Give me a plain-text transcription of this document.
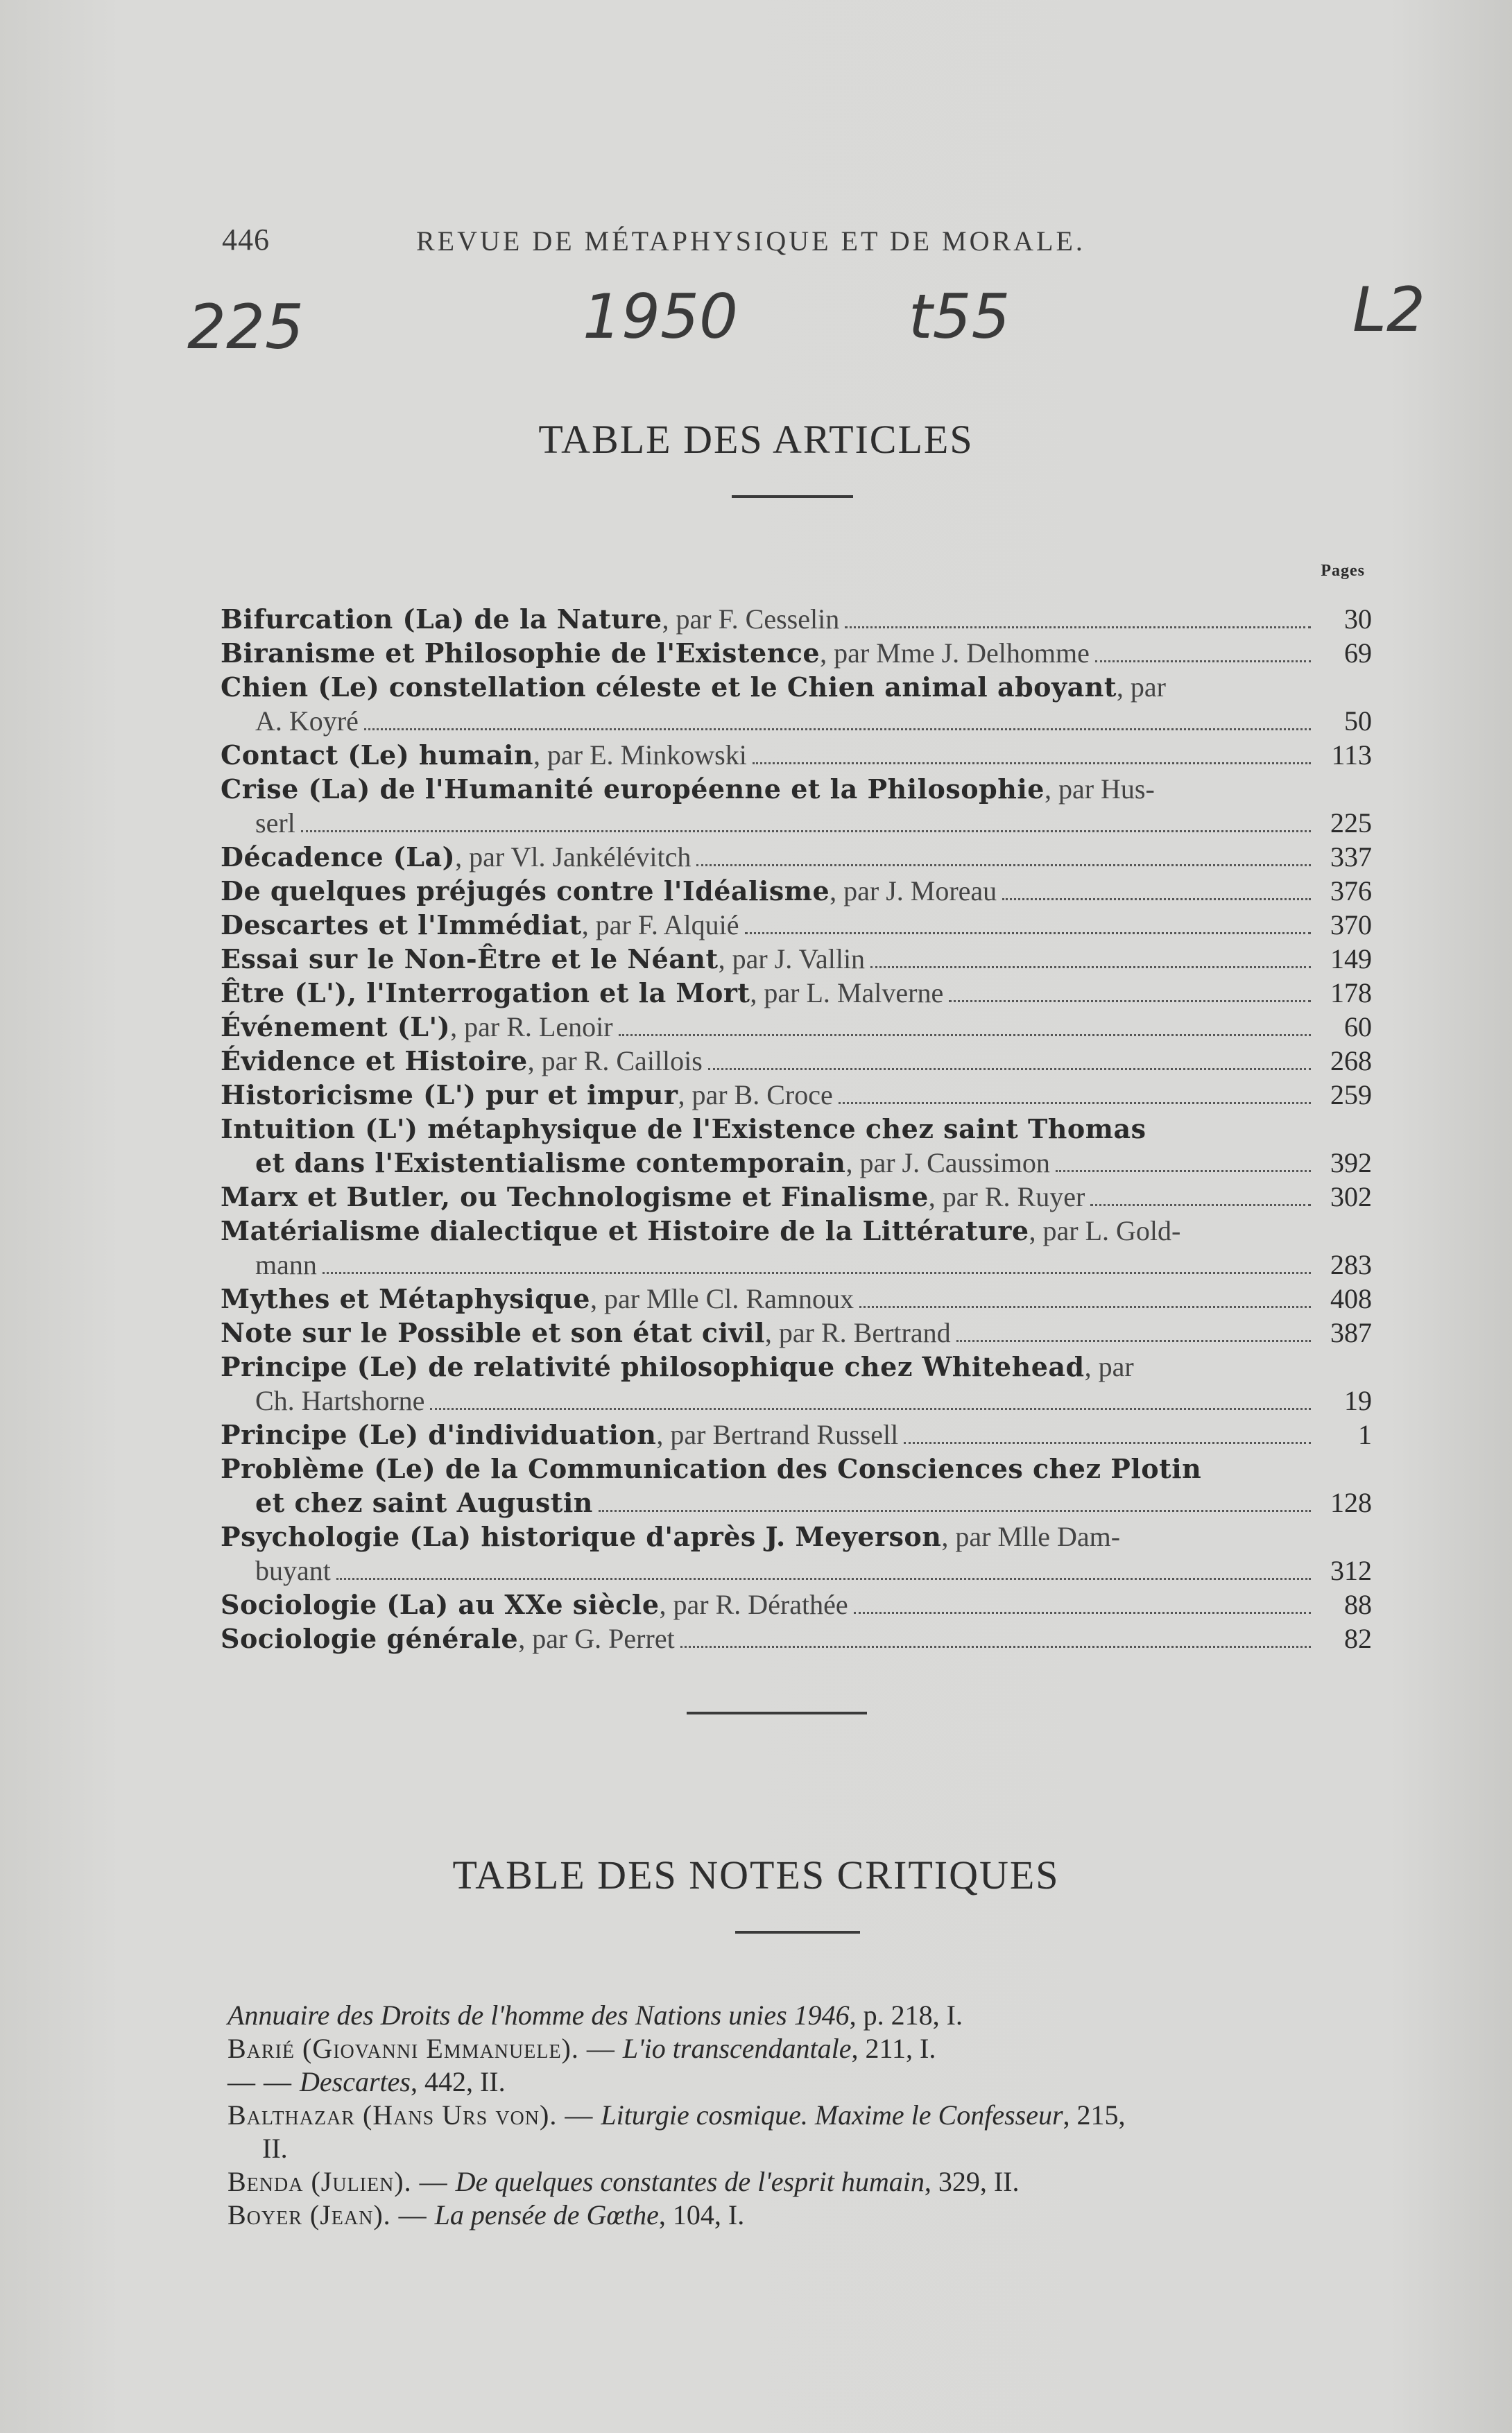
446	REVUE DE MÉTAPHYSIQUE ET DE MORALE.
225	1950	t55	L2
TABLE DES ARTICLES
Pages
Bifurcation (La) de la Nature , par F. Cesselin	30
Biranisme et Philosophie de l'Existence , par Mme J. Delhomme	69
Chien (Le) constellation céleste et le Chien animal aboyant , par
A. Koyré	50
Contact (Le) humain , par E. Minkowski	113
Crise (La) de l'Humanité européenne et la Philosophie , par Hus-
serl	225
Décadence (La) , par Vl. Jankélévitch	337
De quelques préjugés contre l'Idéalisme , par J. Moreau	376
Descartes et l'Immédiat , par F. Alquié	370
Essai sur le Non-Être et le Néant , par J. Vallin	149
Être (L'), l'Interrogation et la Mort , par L. Malverne	178
Événement (L') , par R. Lenoir	60
Évidence et Histoire , par R. Caillois	268
Historicisme (L') pur et impur , par B. Croce	259
Intuition (L') métaphysique de l'Existence chez saint Thomas
et dans l'Existentialisme contemporain , par J. Caussimon	392
Marx et Butler, ou Technologisme et Finalisme , par R. Ruyer	302
Matérialisme dialectique et Histoire de la Littérature , par L. Gold-
mann	283
Mythes et Métaphysique , par Mlle Cl. Ramnoux	408
Note sur le Possible et son état civil , par R. Bertrand	387
Principe (Le) de relativité philosophique chez Whitehead , par
Ch. Hartshorne	19
Principe (Le) d'individuation , par Bertrand Russell	1
Problème (Le) de la Communication des Consciences chez Plotin
et chez saint Augustin	128
Psychologie (La) historique d'après J. Meyerson , par Mlle Dam-
buyant	312
Sociologie (La) au XXe siècle , par R. Dérathée	88
Sociologie générale , par G. Perret	82
TABLE DES NOTES CRITIQUES
Annuaire des Droits de l'homme des Nations unies 1946, p. 218, I.
Barié (Giovanni Emmanuele). — L'io transcendantale, 211, I.
— — Descartes, 442, II.
Balthazar (Hans Urs von). — Liturgie cosmique. Maxime le Confesseur, 215,
II.
Benda (Julien). — De quelques constantes de l'esprit humain, 329, II.
Boyer (Jean). — La pensée de Gœthe, 104, I.
